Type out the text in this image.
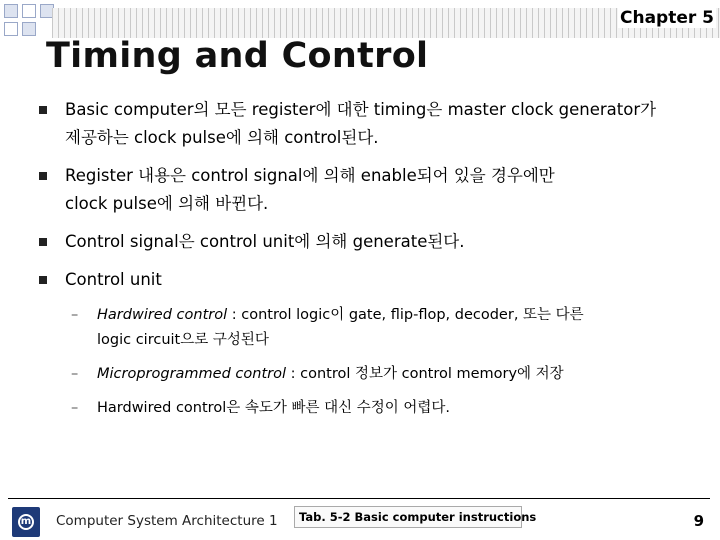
Chapter 5
Timing and Control
Basic computer의 모든 register에 대한 timing은 master clock generator가
제공하는 clock pulse에 의해 control된다.
Register 내용은 control signal에 의해 enable되어 있을 경우에만
clock pulse에 의해 바뀐다.
Control signal은 control unit에 의해 generate된다.
Control unit
– Hardwired control : control logic이 gate, flip-flop, decoder, 또는 다른
logic circuit으로 구성된다
– Microprogrammed control : control 정보가 control memory에 저장
– Hardwired control은 속도가 빠른 대신 수정이 어렵다.
m Computer System Architecture 1	Tab. 5-2 Basic computer instructions	9
